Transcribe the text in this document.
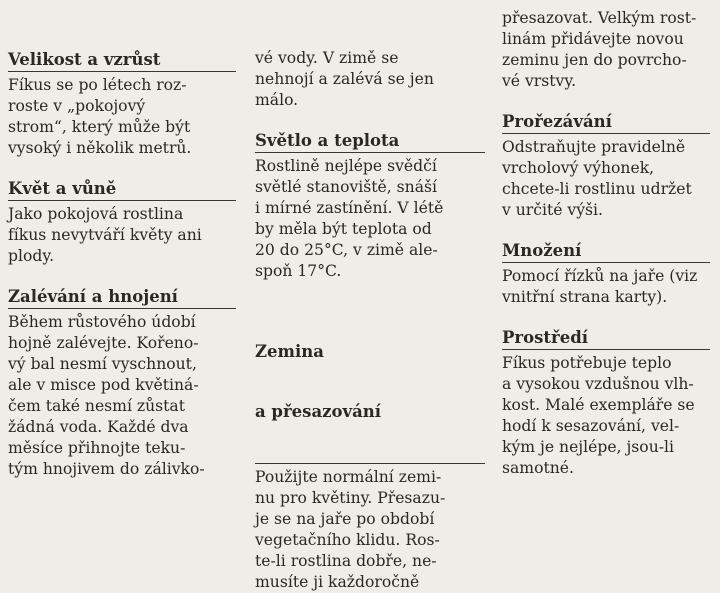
Velikost a vzrůst
Fíkus se po létech roz-
roste v „pokojový
strom“, který může být
vysoký i několik metrů.
Květ a vůně
Jako pokojová rostlina
fíkus nevytváří květy ani
plody.
Zalévání a hnojení
Během růstového údobí
hojně zalévejte. Kořeno-
vý bal nesmí vyschnout,
ale v misce pod květiná-
čem také nesmí zůstat
žádná voda. Každé dva
měsíce přihnojte teku-
tým hnojivem do zálivko-
vé vody. V zimě se
nehnojí a zalévá se jen
málo.
Světlo a teplota
Rostlině nejlépe svědčí
světlé stanoviště, snáší
i mírné zastínění. V létě
by měla být teplota od
20 do 25°C, v zimě ale-
spoň 17°C.

Zemina

a přesazování

Použijte normální zemi-
nu pro květiny. Přesazu-
je se na jaře po období
vegetačního klidu. Ros-
te-li rostlina dobře, ne-
musíte ji každoročně
přesazovat. Velkým rost-
linám přidávejte novou
zeminu jen do povrcho-
vé vrstvy.
Prořezávání
Odstraňujte pravidelně
vrcholový výhonek,
chcete-li rostlinu udržet
v určité výši.
Množení
Pomocí řízků na jaře (viz
vnitřní strana karty).
Prostředí
Fíkus potřebuje teplo
a vysokou vzdušnou vlh-
kost. Malé exempláře se
hodí k sesazování, vel-
kým je nejlépe, jsou-li
samotné.
